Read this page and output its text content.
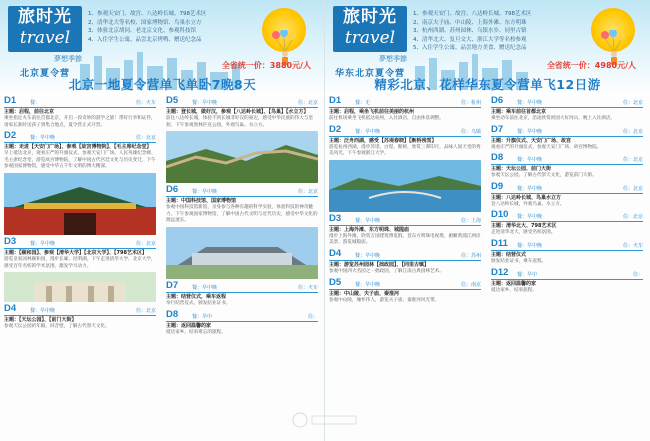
旅时光
travel
夢想季節
北京夏令营
1、参观天安门、故宫、八达岭长城、798艺术区
2、清华北大等名校、国家博物馆、鸟巢水立方
3、体验北京胡同、老北京文化、参观科技馆
4、入住学生公寓、品尝北京烤鸭、赠送纪念品
全省统一价：3880元/人
北京一地夏令营单飞单卧7晚8天
D1	餐：	住：火车
主题：启程，前往北京
乘坐指定火车前往首都北京，开启一段奇妙的游学之旅！带好行李和证件，请家长准时送孩子到集合地点，夏令营正式开营。
D2	餐：早中晚	住：北京
主题：走进【天安门广场】、参观【故宫博物院】、【毛主席纪念堂】
早上抵达北京，观看庄严的升旗仪式，参观天安门广场、人民英雄纪念碑、毛主席纪念堂，游览故宫博物院，了解中国古代宫廷文化与历史变迁，下午参观国家博物馆，感受中华五千年文明的博大精深。
D3	餐：早中晚	住：北京
主题：【颐和园】、参观【清华大学】【北京大学】、【798艺术区】
游览皇家园林颐和园，漫步长廊、昆明湖。下午走进清华大学、北京大学，感受百年名校的学术氛围，激发学习动力。
D4	餐：早中晚	住：北京
主题：【天坛公园】、【前门大街】
参观天坛公园祈年殿、回音壁，了解古代祭天文化。
D5	餐：早中晚	住：北京
主题：登长城，做好汉，参观【八达岭长城】、【鸟巢】【水立方】
前往八达岭长城，体验不到长城非好汉的豪迈，感受中华民族的伟大与坚韧。下午参观奥林匹克公园，外观鸟巢、水立方。
D6	餐：早中晚	住：北京
主题：中国科技馆、国家博物馆
参观中国科技馆新馆，亲身参与各种有趣的科学实验，体验科技的神奇魅力。下午参观国家博物馆，了解中国古代文明与近代历史，感受中华文化的源远流长。
D7	餐：早中晚	住：火车
主题：结营仪式，乘车返程
举行结营仪式，颁发结业证书。
D8	餐：早中	住：
主题：返回温馨的家
抵达家乡，结束难忘的旅程。
旅时光
travel
夢想季節
华东北京夏令营
1、参观天安门、故宫、八达岭长城、798艺术区
2、南京夫子庙、中山陵、上海外滩、东方明珠
3、杭州西湖、苏州园林、乌镇水乡、同里古镇
4、清华北大、复旦交大、浙江大学等名校参观
5、入住学生公寓、品尝地方美食、赠送纪念品
全省统一价：4980元/人
精彩北京、花样华东夏令营单飞12日游
D1	餐：无	住：杭州
主题：启程，乘坐飞机前往美丽的杭州
前往机场乘坐飞机抵达杭州，入住酒店，自由休息调整。
D2	餐：早中晚	住：乌镇
主题：泛舟西湖，感受【苏堤春晓】【断桥残雪】
游览杭州西湖，漫步苏堤、白堤、断桥，欣赏三潭印月，品味人间天堂的秀美风光，下午参观浙江大学。
D3	餐：早中晚	住：上海
主题：上海外滩、东方明珠、城隍庙
漫步上海外滩，欣赏万国建筑博览群，登东方明珠电视塔，俯瞰黄浦江两岸美景，游览城隍庙。
D4	餐：早中晚	住：苏州
主题：游览苏州园林【拙政园】、【同里古镇】
参观中国四大名园之一拙政园，了解江南古典园林艺术。
D5	餐：早中晚	住：南京
主题：中山陵、夫子庙、秦淮河
参观中山陵，缅怀伟人，游览夫子庙、秦淮河风光带。
D6	餐：早中晚	住：北京
主题：乘车前往首都北京
乘坐动车前往北京，沿途欣赏祖国大好河山，晚上入住酒店。
D7	餐：早中晚	住：北京
主题：升旗仪式、天安门广场、故宫
观看庄严的升旗仪式，参观天安门广场、故宫博物院。
D8	餐：早中晚	住：北京
主题：天坛公园、前门大街
参观天坛公园，了解古代祭天文化，游览前门大街。
D9	餐：早中晚	住：北京
主题：八达岭长城、鸟巢水立方
登八达岭长城，外观鸟巢、水立方。
D10 餐：早中晚	住：北京
主题：清华北大、798艺术区
走进清华北大，感受名校氛围。
D11 餐：早中晚	住：火车
主题：结营仪式
颁发结业证书，乘车返程。
D12 餐：早中	住：
主题：返回温馨的家
抵达家乡，结束旅程。
